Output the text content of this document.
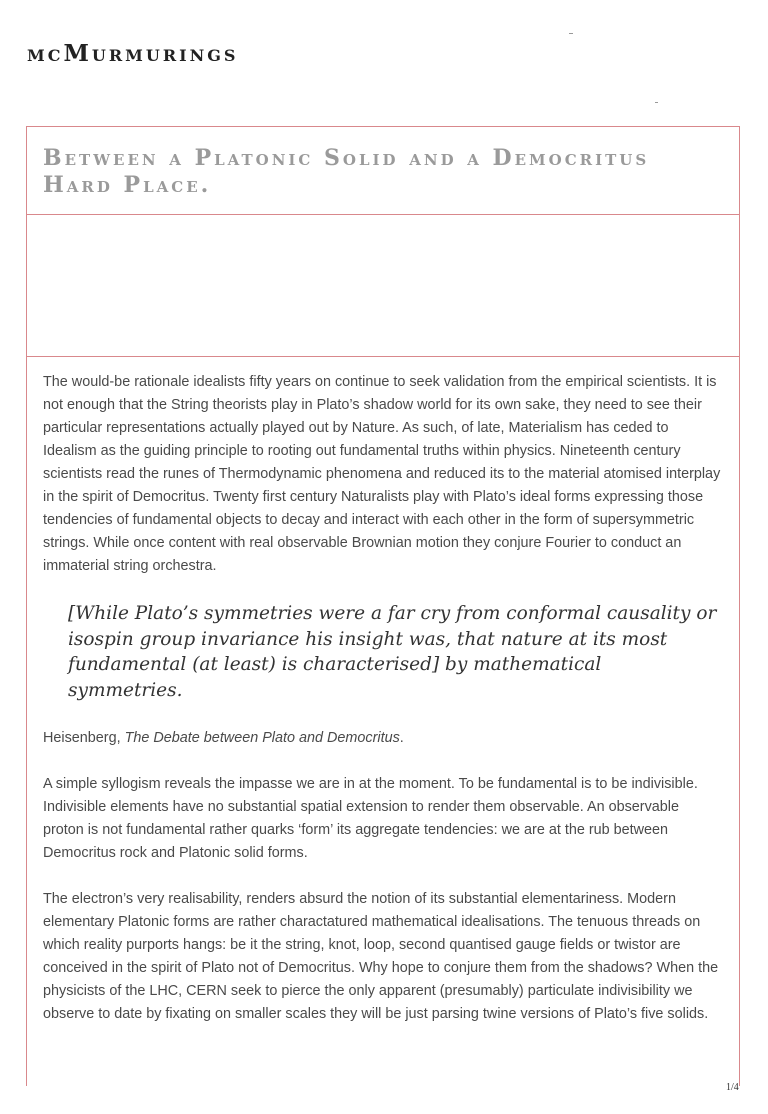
mcMurmurings
Between a Platonic Solid and a Democritus Hard Place.

The would-be rationale idealists fifty years on continue to seek validation from the empirical scientists. It is not enough that the String theorists play in Plato’s shadow world for its own sake, they need to see their particular representations actually played out by Nature. As such, of late, Materialism has ceded to Idealism as the guiding principle to rooting out fundamental truths within physics. Nineteenth century scientists read the runes of Thermodynamic phenomena and reduced its to the material atomised interplay in the spirit of Democritus. Twenty first century Naturalists play with Plato’s ideal forms expressing those tendencies of fundamental objects to decay and interact with each other in the form of supersymmetric strings. While once content with real observable Brownian motion they conjure Fourier to conduct an immaterial string orchestra.

[While Plato’s symmetries were a far cry from conformal causality or isospin group invariance his insight was, that nature at its most fundamental (at least) is characterised] by mathematical symmetries.

Heisenberg, The Debate between Plato and Democritus.

A simple syllogism reveals the impasse we are in at the moment. To be fundamental is to be indivisible. Indivisible elements have no substantial spatial extension to render them observable. An observable proton is not fundamental rather quarks ‘form’ its aggregate tendencies: we are at the rub between Democritus rock and Platonic solid forms.

The electron’s very realisability, renders absurd the notion of its substantial elementariness. Modern elementary Platonic forms are rather charactatured mathematical idealisations. The tenuous threads on which reality purports hangs: be it the string, knot, loop, second quantised gauge fields or twistor are conceived in the spirit of Plato not of Democritus. Why hope to conjure them from the shadows? When the physicists of the LHC, CERN seek to pierce the only apparent (presumably) particulate indivisibility we observe to date by fixating on smaller scales they will be just parsing twine versions of Plato’s five solids.

1/4
